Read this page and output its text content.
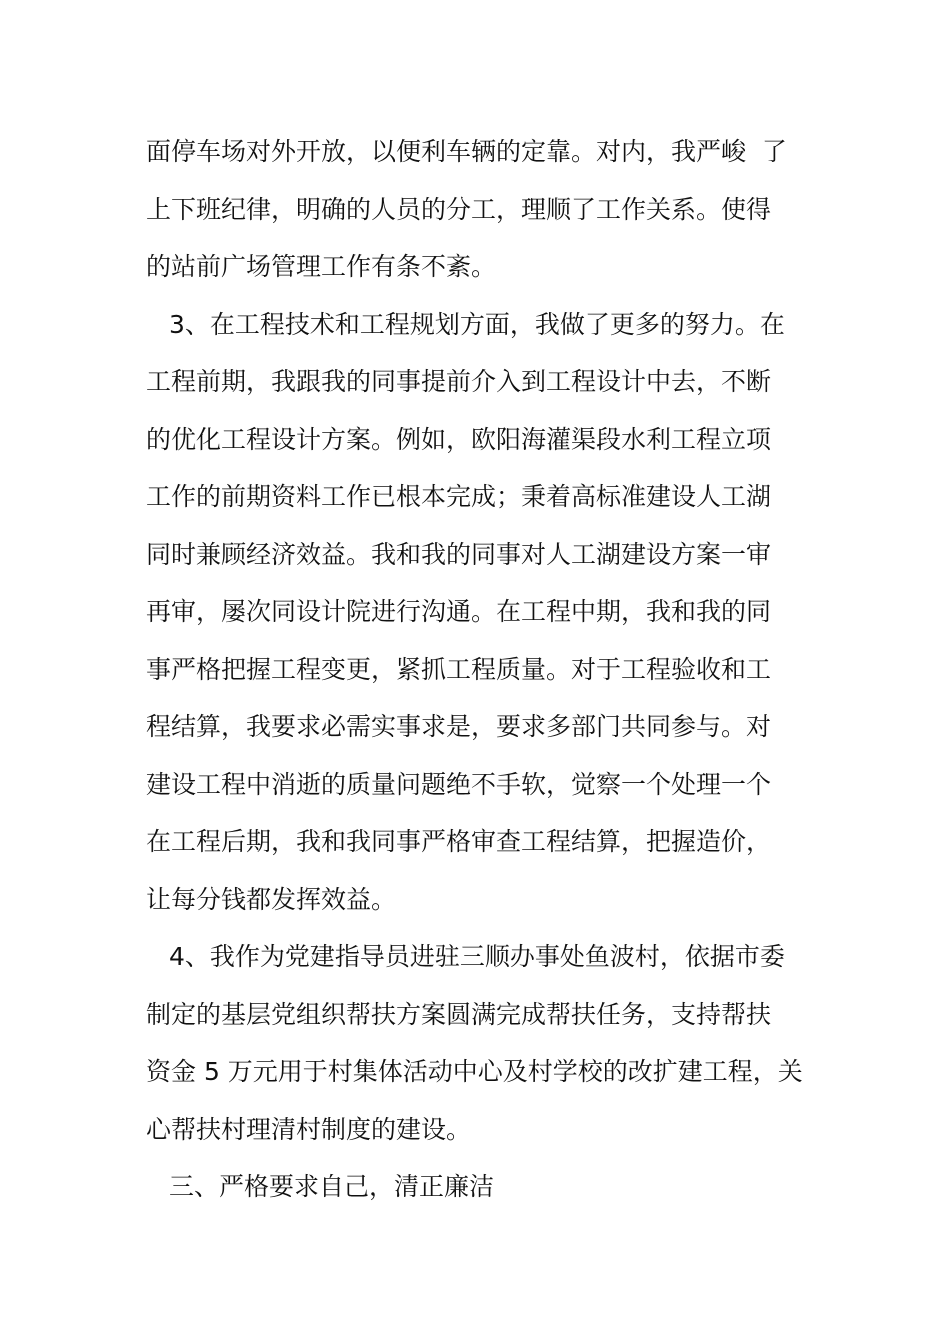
面停车场对外开放，以便利车辆的定靠。对内，我严峻  了
上下班纪律，明确的人员的分工，理顺了工作关系。使得
的站前广场管理工作有条不紊。
3、在工程技术和工程规划方面，我做了更多的努力。在
工程前期，我跟我的同事提前介入到工程设计中去，不断
的优化工程设计方案。例如，欧阳海灌渠段水利工程立项
工作的前期资料工作已根本完成；秉着高标准建设人工湖
同时兼顾经济效益。我和我的同事对人工湖建设方案一审
再审，屡次同设计院进行沟通。在工程中期，我和我的同
事严格把握工程变更，紧抓工程质量。对于工程验收和工
程结算，我要求必需实事求是，要求多部门共同参与。对
建设工程中消逝的质量问题绝不手软，觉察一个处理一个
在工程后期，我和我同事严格审查工程结算，把握造价，
让每分钱都发挥效益。
4、我作为党建指导员进驻三顺办事处鱼波村，依据市委
制定的基层党组织帮扶方案圆满完成帮扶任务，支持帮扶
资金 5 万元用于村集体活动中心及村学校的改扩建工程，关
心帮扶村理清村制度的建设。
三、严格要求自己，清正廉洁
